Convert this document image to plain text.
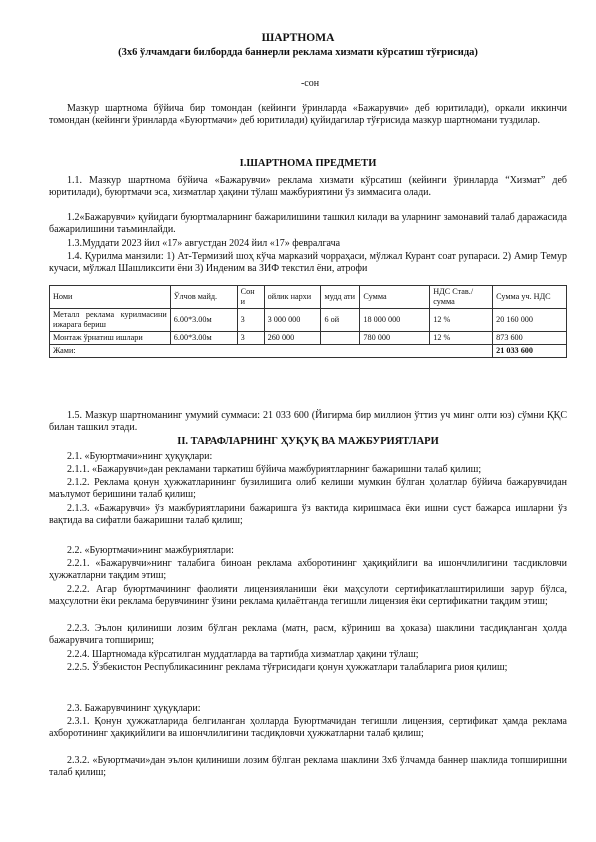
ШАРТНОМА
(3х6 ўлчамдаги билбордда баннерли реклама хизмати кўрсатиш тўғрисида)
-сон

Мазкур шартнома бўйича бир томондан (кейинги ўринларда «Бажарувчи» деб юритилади), оркали иккинчи томондан (кейинги ўринларда «Буюртмачи» деб юритилади) қуйидагилар тўғрисида мазкур шартномани туздилар.

I.ШАРТНОМА ПРЕДМЕТИ

1.1. Мазкур шартнома бўйича «Бажарувчи» реклама хизмати кўрсатиш (кейинги ўринларда “Хизмат” деб юритилади), буюртмачи эса, хизматлар ҳақини тўлаш мажбуриятини ўз зиммасига олади.

1.2«Бажарувчи» қуйидаги буюртмаларнинг бажарилишини ташкил килади ва уларнинг замонавий талаб даражасида бажарилишини таъминлайди.

1.3.Муддати 2023 йил «17» августдан 2024 йил «17» февралгача

1.4. Қурилма манзили: 1) Ат-Термизий шоҳ кўча марказий чорраҳаси, мўлжал Курант соат рупараси. 2) Амир Темур кучаси, мўлжал Шашликсити ёни 3) Инденим ва ЗИФ текстил ёни, атрофи

Номи	Ўлчов майд.	Сон и	ойлик нархи	мудд ати	Сумма	НДС Став./сумма	Сумма уч. НДС
Металл реклама курилмасини ижарага бериш	6.00*3.00м	3	3 000 000	6 ой	18 000 000	12 %	20 160 000
Монтаж ўрнатиш ишлари	6.00*3.00м	3	260 000		780 000	12 %	873 600
Жами:							21 033 600

1.5. Мазкур шартноманинг умумий суммаси: 21 033 600 (Йигирма бир миллион ўттиз уч минг олти юз) сўмни ҚҚС билан ташкил этади.

II. ТАРАФЛАРНИНГ ҲУҚУҚ ВА МАЖБУРИЯТЛАРИ

2.1. «Буюртмачи»нинг ҳуқуқлари:

2.1.1. «Бажарувчи»дан рекламани таркатиш бўйича мажбуриятларнинг бажаришни талаб қилиш;

2.1.2. Реклама қонун ҳужжатларининг бузилишига олиб келиши мумкин бўлган ҳолатлар бўйича бажарувчидан маълумот беришини талаб қилиш;

2.1.3. «Бажарувчи» ўз мажбуриятларини бажаришга ўз вактида киришмаса ёки ишни суст бажарса ишларни ўз вақтида ва сифатли бажаришни талаб қилиш;

2.2. «Буюртмачи»нинг мажбуриятлари:

2.2.1. «Бажарувчи»нинг талабига биноан реклама ахборотининг ҳақиқийлиги ва ишончлилигини тасдикловчи ҳужжатларни тақдим этиш;

2.2.2. Агар буюртмачининг фаолияти лицензияланиши ёки маҳсулоти сертификатлаштирилиши зарур бўлса, маҳсулотни ёки реклама берувчининг ўзини реклама қилаётганда тегишли лицензия ёки сертификатни тақдим этиш;

2.2.3. Эълон қилиниши лозим бўлган реклама (матн, расм, кўриниш ва ҳоказа) шаклини тасдиқланган ҳолда бажарувчига топшириш;

2.2.4. Шартномада кўрсатилган муддатларда ва тартибда хизматлар ҳақини тўлаш;

2.2.5. Ўзбекистон Республикасининг реклама тўғрисидаги қонун ҳужжатлари талабларига риоя қилиш;

2.3. Бажарувчининг ҳуқуқлари:

2.3.1. Қонун ҳужжатларида белгиланган ҳолларда Буюртмачидан тегишли лицензия, сертификат ҳамда реклама ахборотининг ҳақиқийлиги ва ишончлилигини тасдиқловчи ҳужжатларни талаб қилиш;

2.3.2. «Буюртмачи»дан эълон қилиниши лозим бўлган реклама шаклини 3х6 ўлчамда баннер шаклида топширишни талаб қилиш;
